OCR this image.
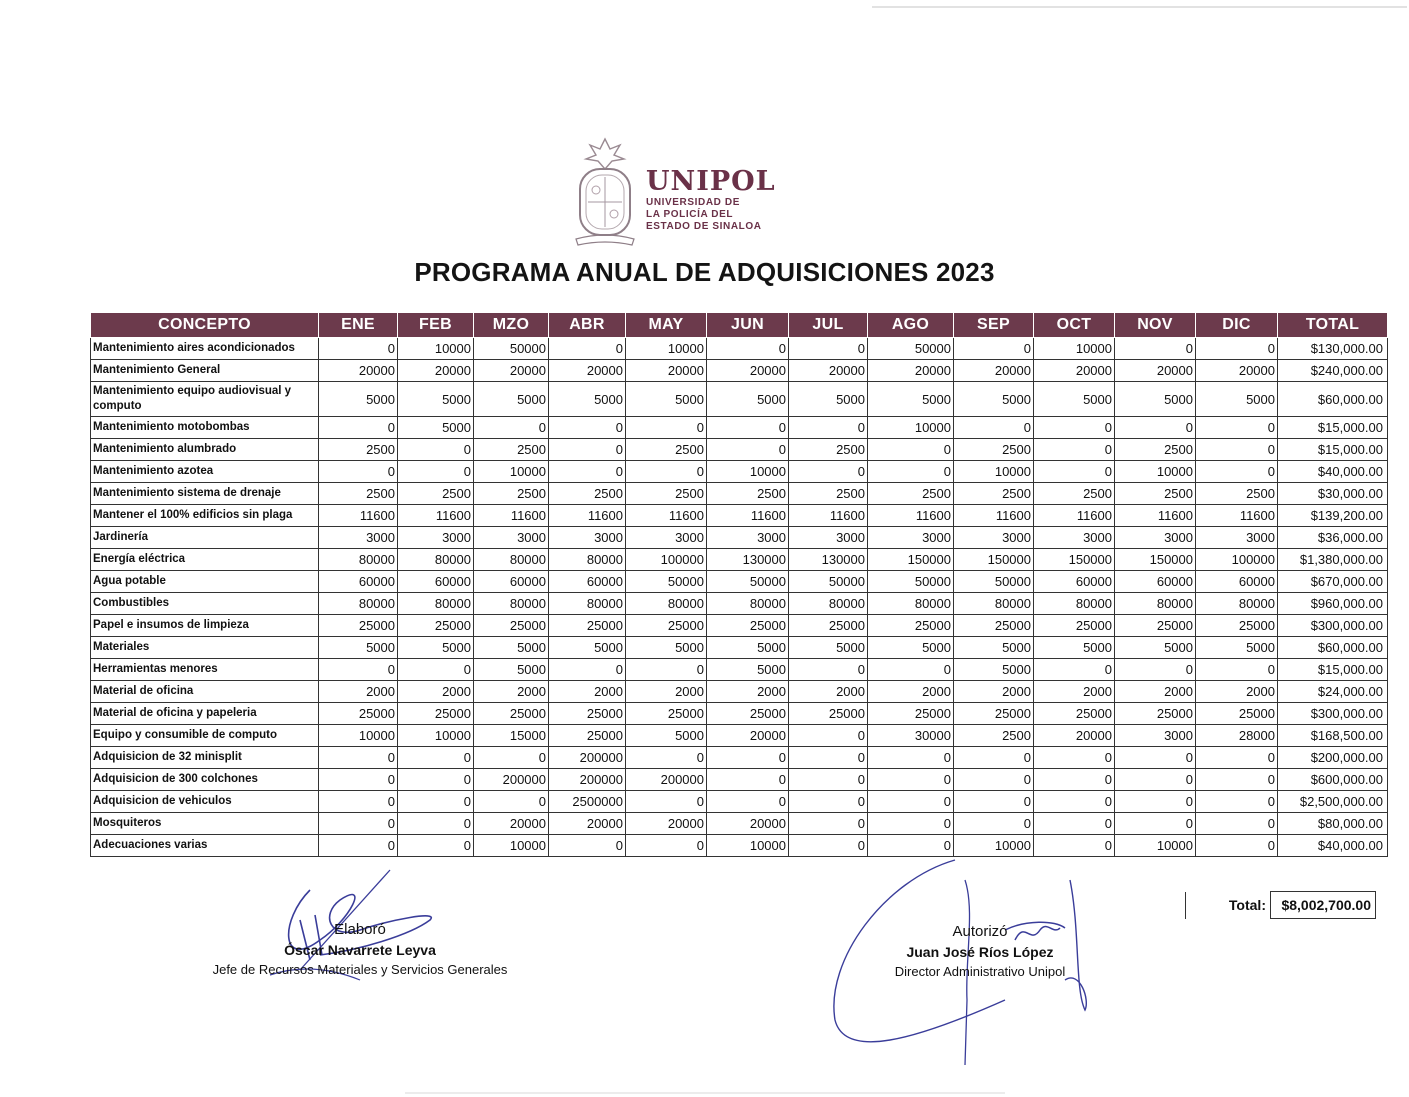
UNIPOL
UNIVERSIDAD DE
LA POLICÍA DEL
ESTADO DE SINALOA
PROGRAMA ANUAL DE ADQUISICIONES 2023
CONCEPTO	ENE	FEB	MZO	ABR	MAY	JUN	JUL	AGO	SEP	OCT	NOV	DIC	TOTAL
Mantenimiento aires acondicionados	0	10000	50000	0	10000	0	0	50000	0	10000	0	0	$130,000.00
Mantenimiento General	20000	20000	20000	20000	20000	20000	20000	20000	20000	20000	20000	20000	$240,000.00
Mantenimiento equipo audiovisual y computo	5000	5000	5000	5000	5000	5000	5000	5000	5000	5000	5000	5000	$60,000.00
Mantenimiento motobombas	0	5000	0	0	0	0	0	10000	0	0	0	0	$15,000.00
Mantenimiento alumbrado	2500	0	2500	0	2500	0	2500	0	2500	0	2500	0	$15,000.00
Mantenimiento azotea	0	0	10000	0	0	10000	0	0	10000	0	10000	0	$40,000.00
Mantenimiento sistema de drenaje	2500	2500	2500	2500	2500	2500	2500	2500	2500	2500	2500	2500	$30,000.00
Mantener el 100% edificios sin plaga	11600	11600	11600	11600	11600	11600	11600	11600	11600	11600	11600	11600	$139,200.00
Jardinería	3000	3000	3000	3000	3000	3000	3000	3000	3000	3000	3000	3000	$36,000.00
Energía eléctrica	80000	80000	80000	80000	100000	130000	130000	150000	150000	150000	150000	100000	$1,380,000.00
Agua potable	60000	60000	60000	60000	50000	50000	50000	50000	50000	60000	60000	60000	$670,000.00
Combustibles	80000	80000	80000	80000	80000	80000	80000	80000	80000	80000	80000	80000	$960,000.00
Papel e insumos de limpieza	25000	25000	25000	25000	25000	25000	25000	25000	25000	25000	25000	25000	$300,000.00
Materiales	5000	5000	5000	5000	5000	5000	5000	5000	5000	5000	5000	5000	$60,000.00
Herramientas menores	0	0	5000	0	0	5000	0	0	5000	0	0	0	$15,000.00
Material de oficina	2000	2000	2000	2000	2000	2000	2000	2000	2000	2000	2000	2000	$24,000.00
Material de oficina y papeleria	25000	25000	25000	25000	25000	25000	25000	25000	25000	25000	25000	25000	$300,000.00
Equipo y consumible de computo	10000	10000	15000	25000	5000	20000	0	30000	2500	20000	3000	28000	$168,500.00
Adquisicion de 32 minisplit	0	0	0	200000	0	0	0	0	0	0	0	0	$200,000.00
Adquisicion de 300 colchones	0	0	200000	200000	200000	0	0	0	0	0	0	0	$600,000.00
Adquisicion de vehiculos	0	0	0	2500000	0	0	0	0	0	0	0	0	$2,500,000.00
Mosquiteros	0	0	20000	20000	20000	20000	0	0	0	0	0	0	$80,000.00
Adecuaciones varias	0	0	10000	0	0	10000	0	0	10000	0	10000	0	$40,000.00
Total:	$8,002,700.00
Elaboró
Óscar Navarrete Leyva
Jefe de Recursos Materiales y Servicios Generales
Autorizó
Juan José Ríos López
Director Administrativo Unipol
